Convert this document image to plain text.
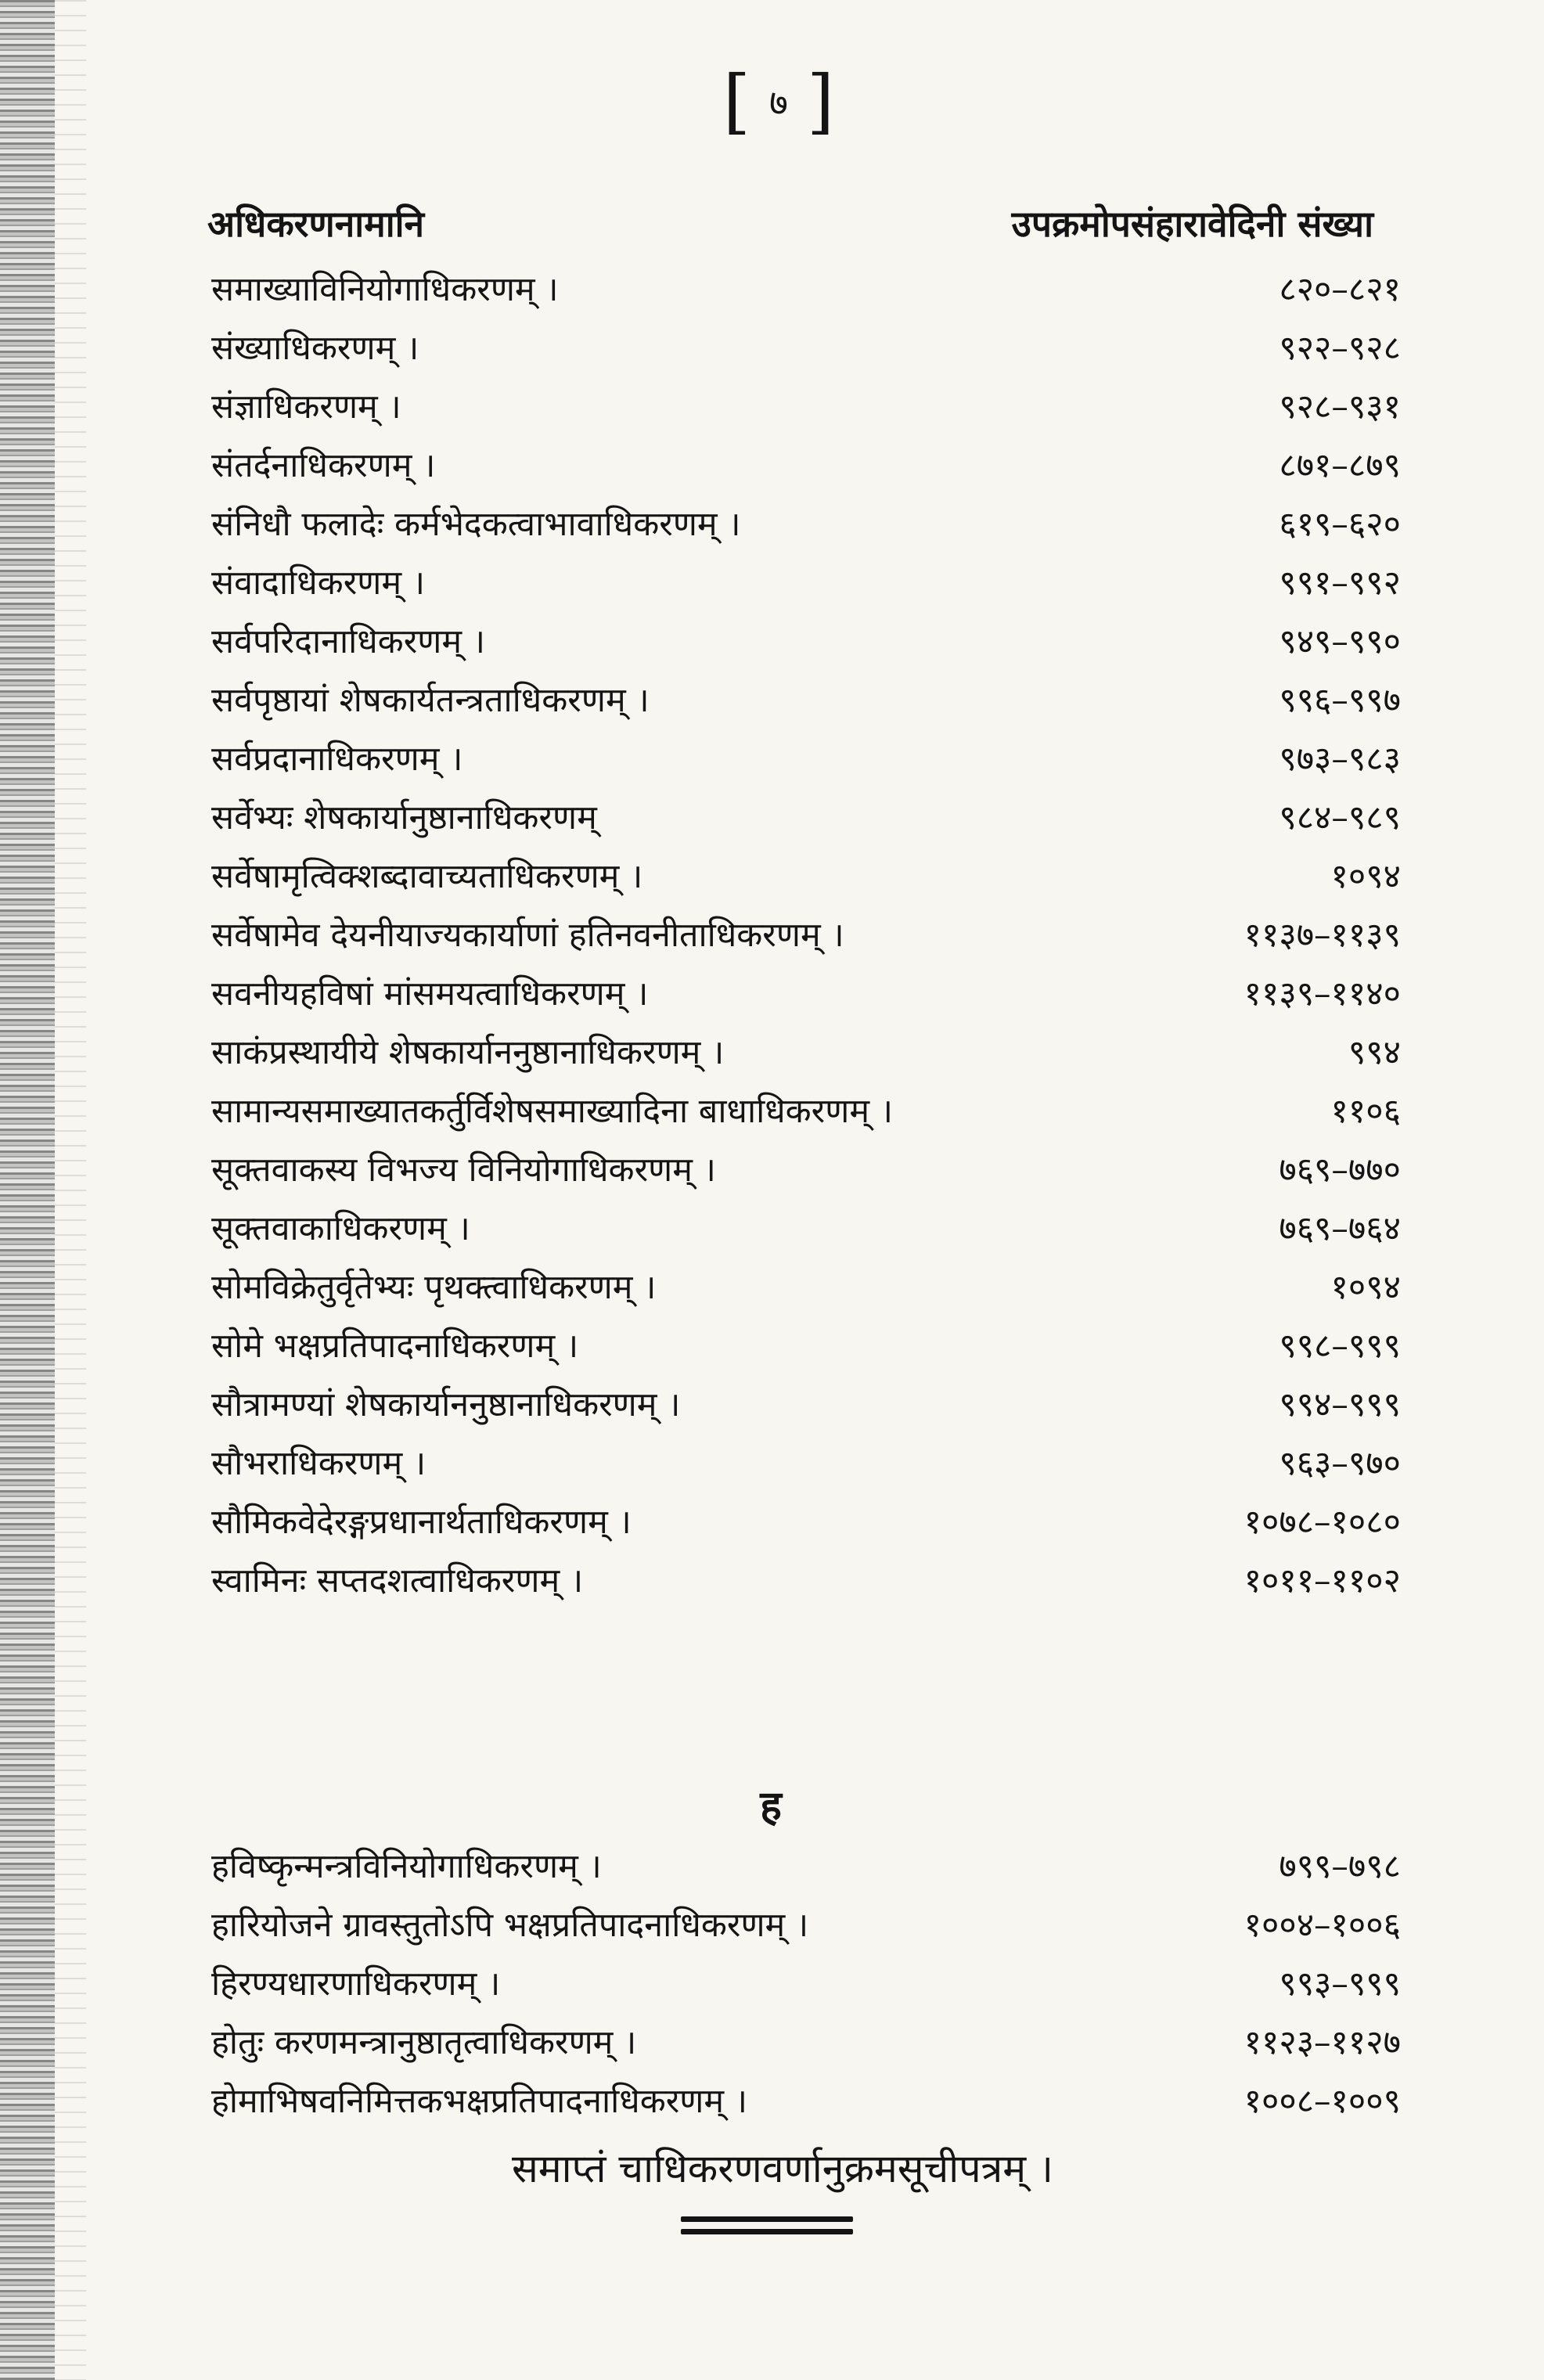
[ ७ ]
अधिकरणनामानि	उपक्रमोपसंहारावेदिनी संख्या
समाख्याविनियोगाधिकरणम् ।	८२०–८२१
संख्याधिकरणम् ।	९२२–९२८
संज्ञाधिकरणम् ।	९२८–९३१
संतर्दनाधिकरणम् ।	८७१–८७९
संनिधौ फलादेः कर्मभेदकत्वाभावाधिकरणम् ।	६१९–६२०
संवादाधिकरणम् ।	९९१–९९२
सर्वपरिदानाधिकरणम् ।	९४९–९९०
सर्वपृष्ठायां शेषकार्यतन्त्रताधिकरणम् ।	९९६–९९७
सर्वप्रदानाधिकरणम् ।	९७३–९८३
सर्वेभ्यः शेषकार्यानुष्ठानाधिकरणम्	९८४–९८९
सर्वेषामृत्विक्शब्दावाच्यताधिकरणम् ।	१०९४
सर्वेषामेव देयनीयाज्यकार्याणां हतिनवनीताधिकरणम् ।	११३७–११३९
सवनीयहविषां मांसमयत्वाधिकरणम् ।	११३९–११४०
साकंप्रस्थायीये शेषकार्याननुष्ठानाधिकरणम् ।	९९४
सामान्यसमाख्यातकर्तुर्विशेषसमाख्यादिना बाधाधिकरणम् ।	११०६
सूक्तवाकस्य विभज्य विनियोगाधिकरणम् ।	७६९–७७०
सूक्तवाकाधिकरणम् ।	७६९–७६४
सोमविक्रेतुर्वृतेभ्यः पृथक्त्वाधिकरणम् ।	१०९४
सोमे भक्षप्रतिपादनाधिकरणम् ।	९९८–९९९
सौत्रामण्यां शेषकार्याननुष्ठानाधिकरणम् ।	९९४–९९९
सौभराधिकरणम् ।	९६३–९७०
सौमिकवेदेरङ्गप्रधानार्थताधिकरणम् ।	१०७८–१०८०
स्वामिनः सप्तदशत्वाधिकरणम् ।	१०११–११०२
ह
हविष्कृन्मन्त्रविनियोगाधिकरणम् ।	७९९–७९८
हारियोजने ग्रावस्तुतोऽपि भक्षप्रतिपादनाधिकरणम् ।	१००४–१००६
हिरण्यधारणाधिकरणम् ।	९९३–९९९
होतुः करणमन्त्रानुष्ठातृत्वाधिकरणम् ।	११२३–११२७
होमाभिषवनिमित्तकभक्षप्रतिपादनाधिकरणम् ।	१००८–१००९
समाप्तं चाधिकरणवर्णानुक्रमसूचीपत्रम् ।
